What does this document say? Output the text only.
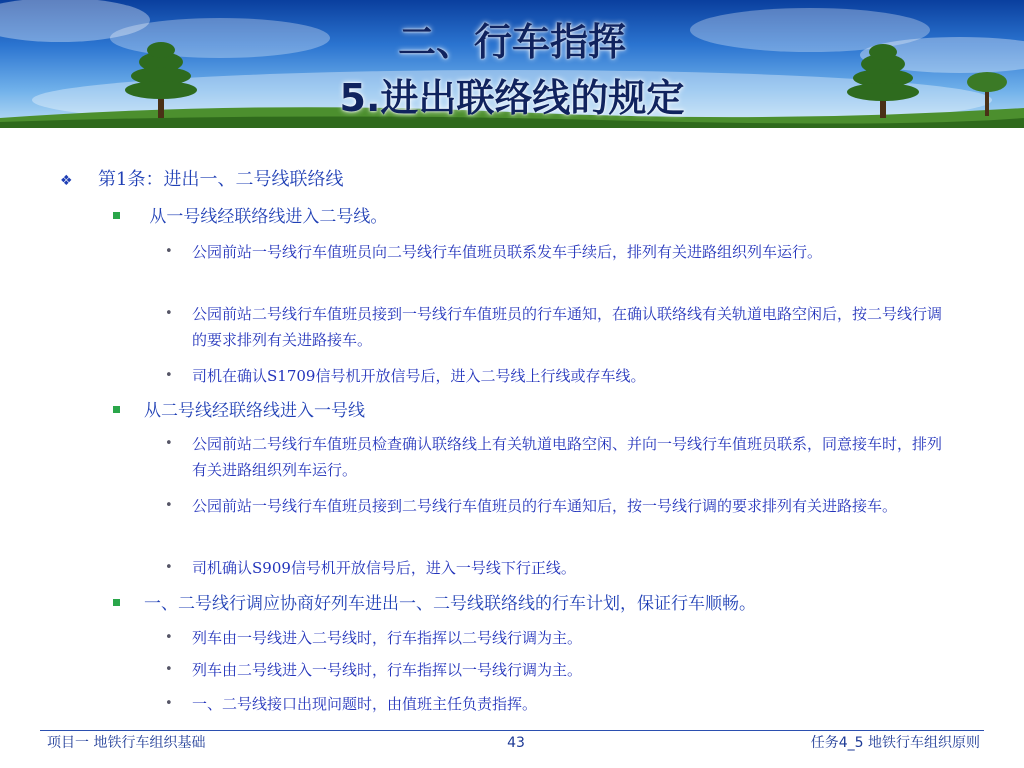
二、行车指挥
5.进出联络线的规定
❖ 第1条：进出一、二号线联络线
从一号线经联络线进入二号线。
•	公园前站一号线行车值班员向二号线行车值班员联系发车手续后，排列有关进路组织列车运行。
•	公园前站二号线行车值班员接到一号线行车值班员的行车通知，在确认联络线有关轨道电路空闲后，按二号线行调的要求排列有关进路接车。
•	司机在确认S1709信号机开放信号后，进入二号线上行线或存车线。
从二号线经联络线进入一号线
•	公园前站二号线行车值班员检查确认联络线上有关轨道电路空闲、并向一号线行车值班员联系，同意接车时，排列有关进路组织列车运行。
•	公园前站一号线行车值班员接到二号线行车值班员的行车通知后，按一号线行调的要求排列有关进路接车。
•	司机确认S909信号机开放信号后，进入一号线下行正线。
一、二号线行调应协商好列车进出一、二号线联络线的行车计划，保证行车顺畅。
•	列车由一号线进入二号线时，行车指挥以二号线行调为主。
•	列车由二号线进入一号线时，行车指挥以一号线行调为主。
•	一、二号线接口出现问题时，由值班主任负责指挥。
项目一 地铁行车组织基础	43	任务4_5 地铁行车组织原则
